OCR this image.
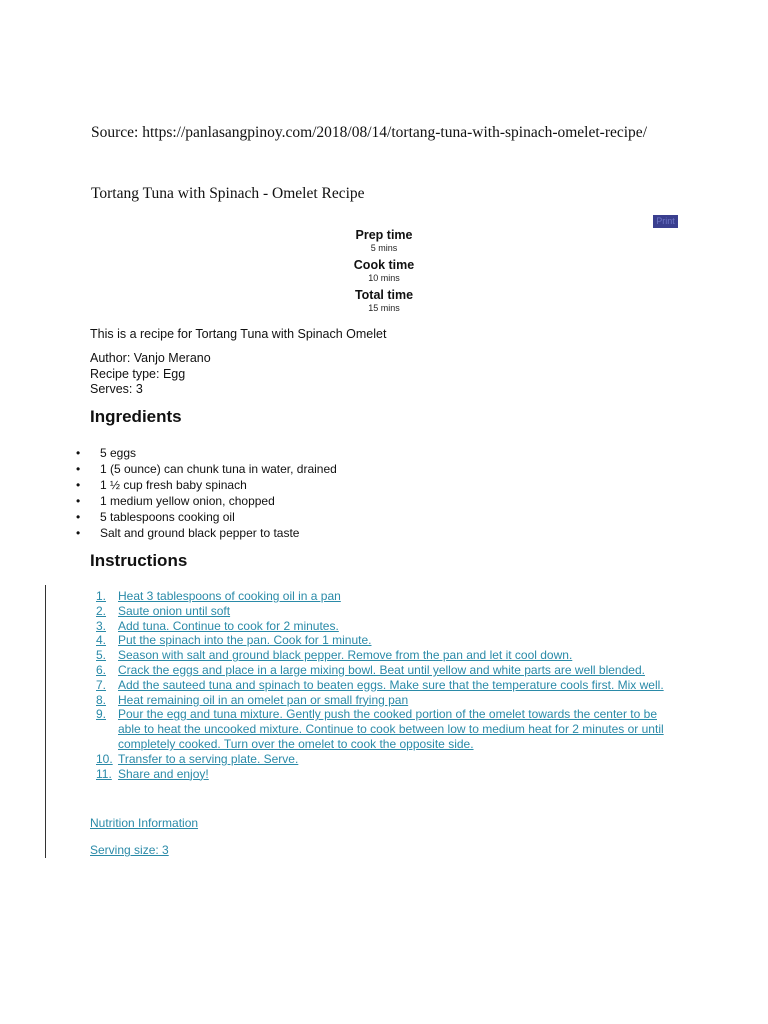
Source: https://panlasangpinoy.com/2018/08/14/tortang-tuna-with-spinach-omelet-recipe/
Tortang Tuna with Spinach - Omelet Recipe
Print
Prep time
5 mins
Cook time
10 mins
Total time
15 mins
This is a recipe for Tortang Tuna with Spinach Omelet
Author: Vanjo Merano
Recipe type: Egg
Serves: 3
Ingredients
• 5 eggs
• 1 (5 ounce) can chunk tuna in water, drained
• 1 ½ cup fresh baby spinach
• 1 medium yellow onion, chopped
• 5 tablespoons cooking oil
• Salt and ground black pepper to taste
Instructions
1. Heat 3 tablespoons of cooking oil in a pan
2. Saute onion until soft
3. Add tuna. Continue to cook for 2 minutes.
4. Put the spinach into the pan. Cook for 1 minute.
5. Season with salt and ground black pepper. Remove from the pan and let it cool down.
6. Crack the eggs and place in a large mixing bowl. Beat until yellow and white parts are well blended.
7. Add the sauteed tuna and spinach to beaten eggs. Make sure that the temperature cools first. Mix well.
8. Heat remaining oil in an omelet pan or small frying pan
9. Pour the egg and tuna mixture. Gently push the cooked portion of the omelet towards the center to be able to heat the uncooked mixture. Continue to cook between low to medium heat for 2 minutes or until completely cooked. Turn over the omelet to cook the opposite side.
10. Transfer to a serving plate. Serve.
11. Share and enjoy!
Nutrition Information
Serving size: 3
